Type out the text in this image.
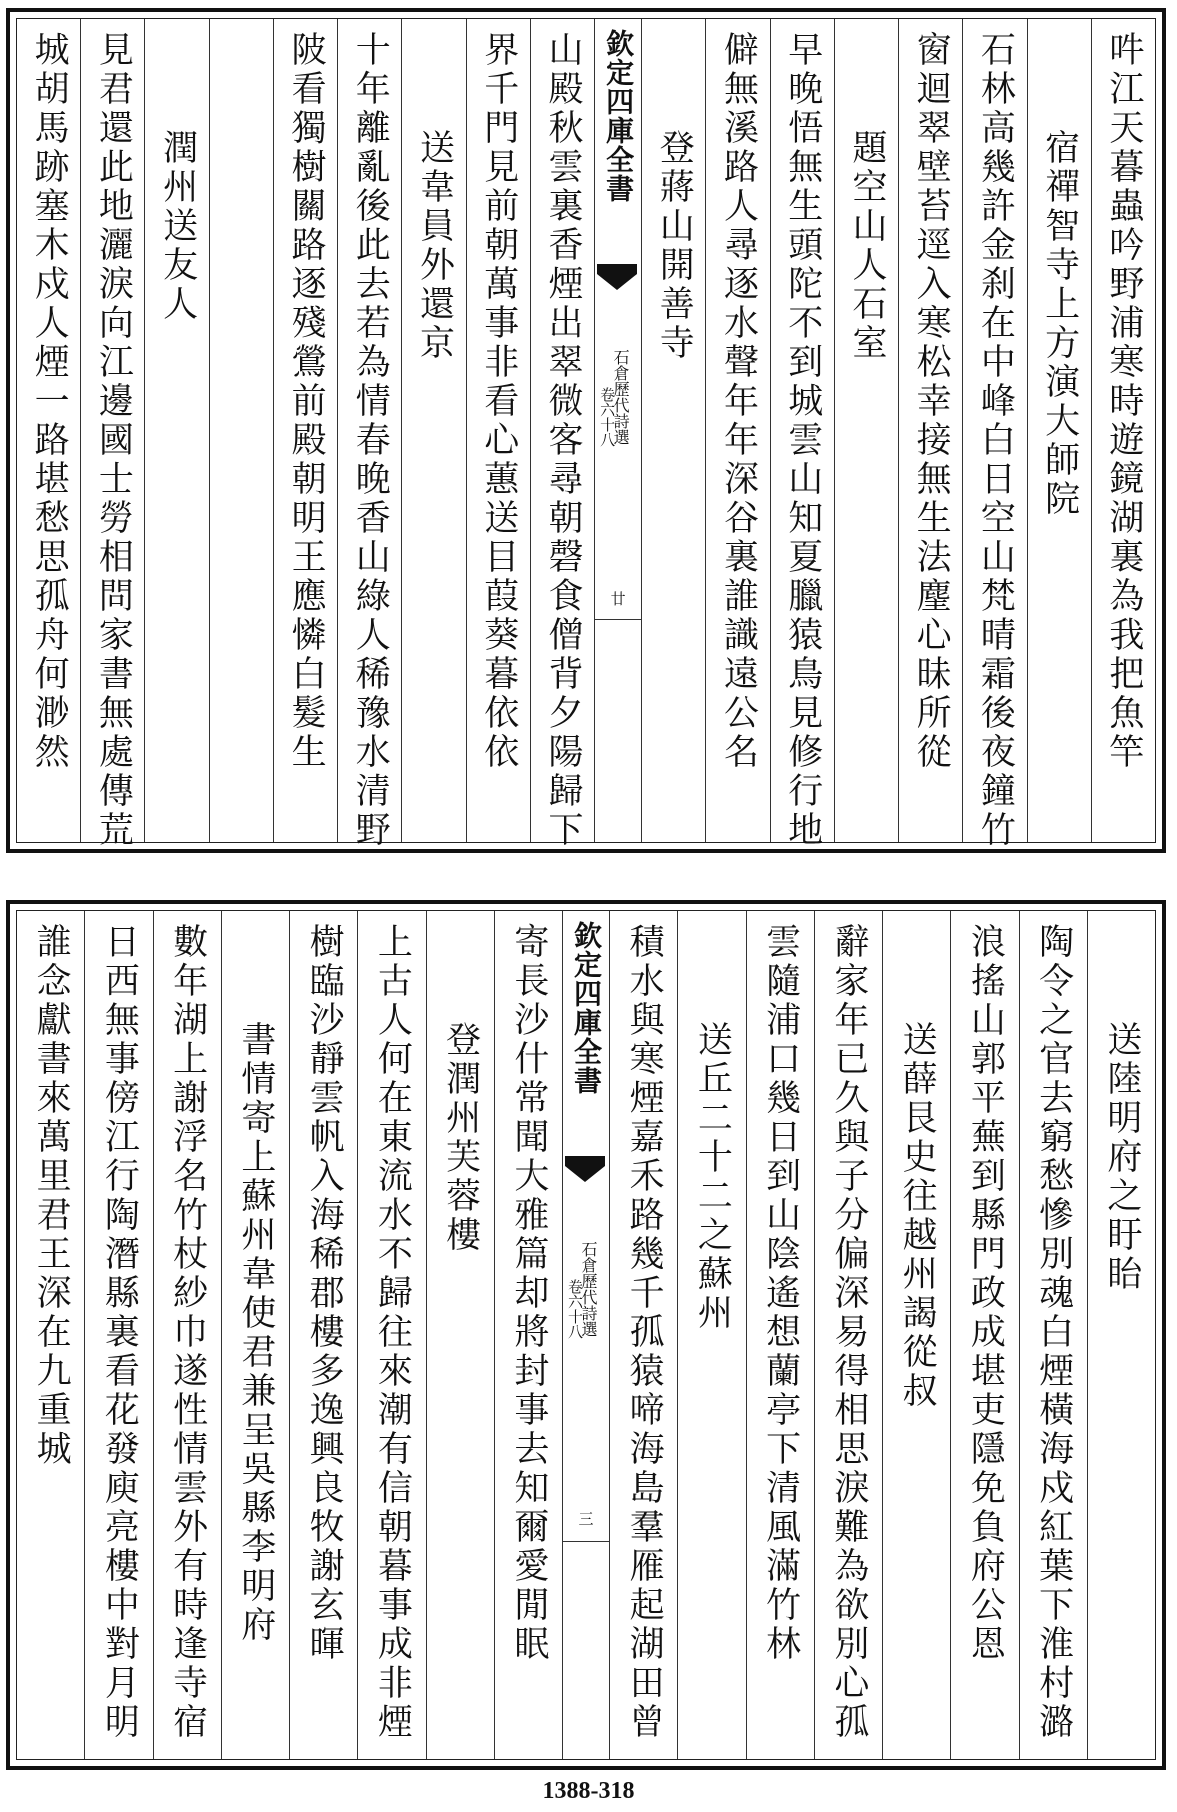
吽江天暮蟲吟野浦寒時遊鏡湖裏為我把魚竿
宿禪智寺上方演大師院
石林高幾許金刹在中峰白日空山梵晴霜後夜鐘竹
窗迴翠壁苔逕入寒松幸接無生法麈心昧所從
題空山人石室
早晚悟無生頭陀不到城雲山知夏臘猿鳥見修行地
僻無溪路人尋逐水聲年年深谷裏誰識遠公名
登蔣山開善寺
欽定四庫全書
石倉歷代詩選
卷六十八
廿
山殿秋雲裏香煙出翠微客尋朝磬食僧背夕陽歸下
界千門見前朝萬事非看心蕙送目葭葵暮依依
送韋員外還京
十年離亂後此去若為情春晚香山綠人稀豫水清野
陂看獨樹關路逐殘鶯前殿朝明王應憐白髮生
潤州送友人
見君還此地灑淚向江邊國士勞相問家書無處傳荒
城胡馬跡塞木戍人煙一路堪愁思孤舟何渺然
送陸明府之盱眙
陶令之官去窮愁慘別魂白煙橫海戍紅葉下淮村潞
浪搖山郭平蕪到縣門政成堪吏隱免負府公恩
送薛艮史往越州謁從叔
辭家年已久與子分偏深易得相思淚難為欲別心孤
雲隨浦口幾日到山陰遙想蘭亭下清風滿竹林
送丘二十二之蘇州
積水與寒煙嘉禾路幾千孤猿啼海島羣雁起湖田曾
欽定四庫全書
石倉歷代詩選
卷六十八
三
寄長沙什常聞大雅篇却將封事去知爾愛閒眠
登潤州芙蓉樓
上古人何在東流水不歸往來潮有信朝暮事成非煙
樹臨沙靜雲帆入海稀郡樓多逸興良牧謝玄暉
書情寄上蘇州韋使君兼呈吳縣李明府
數年湖上謝浮名竹杖紗巾遂性情雲外有時逢寺宿
日西無事傍江行陶潛縣裏看花發庾亮樓中對月明
誰念獻書來萬里君王深在九重城
1388-318
